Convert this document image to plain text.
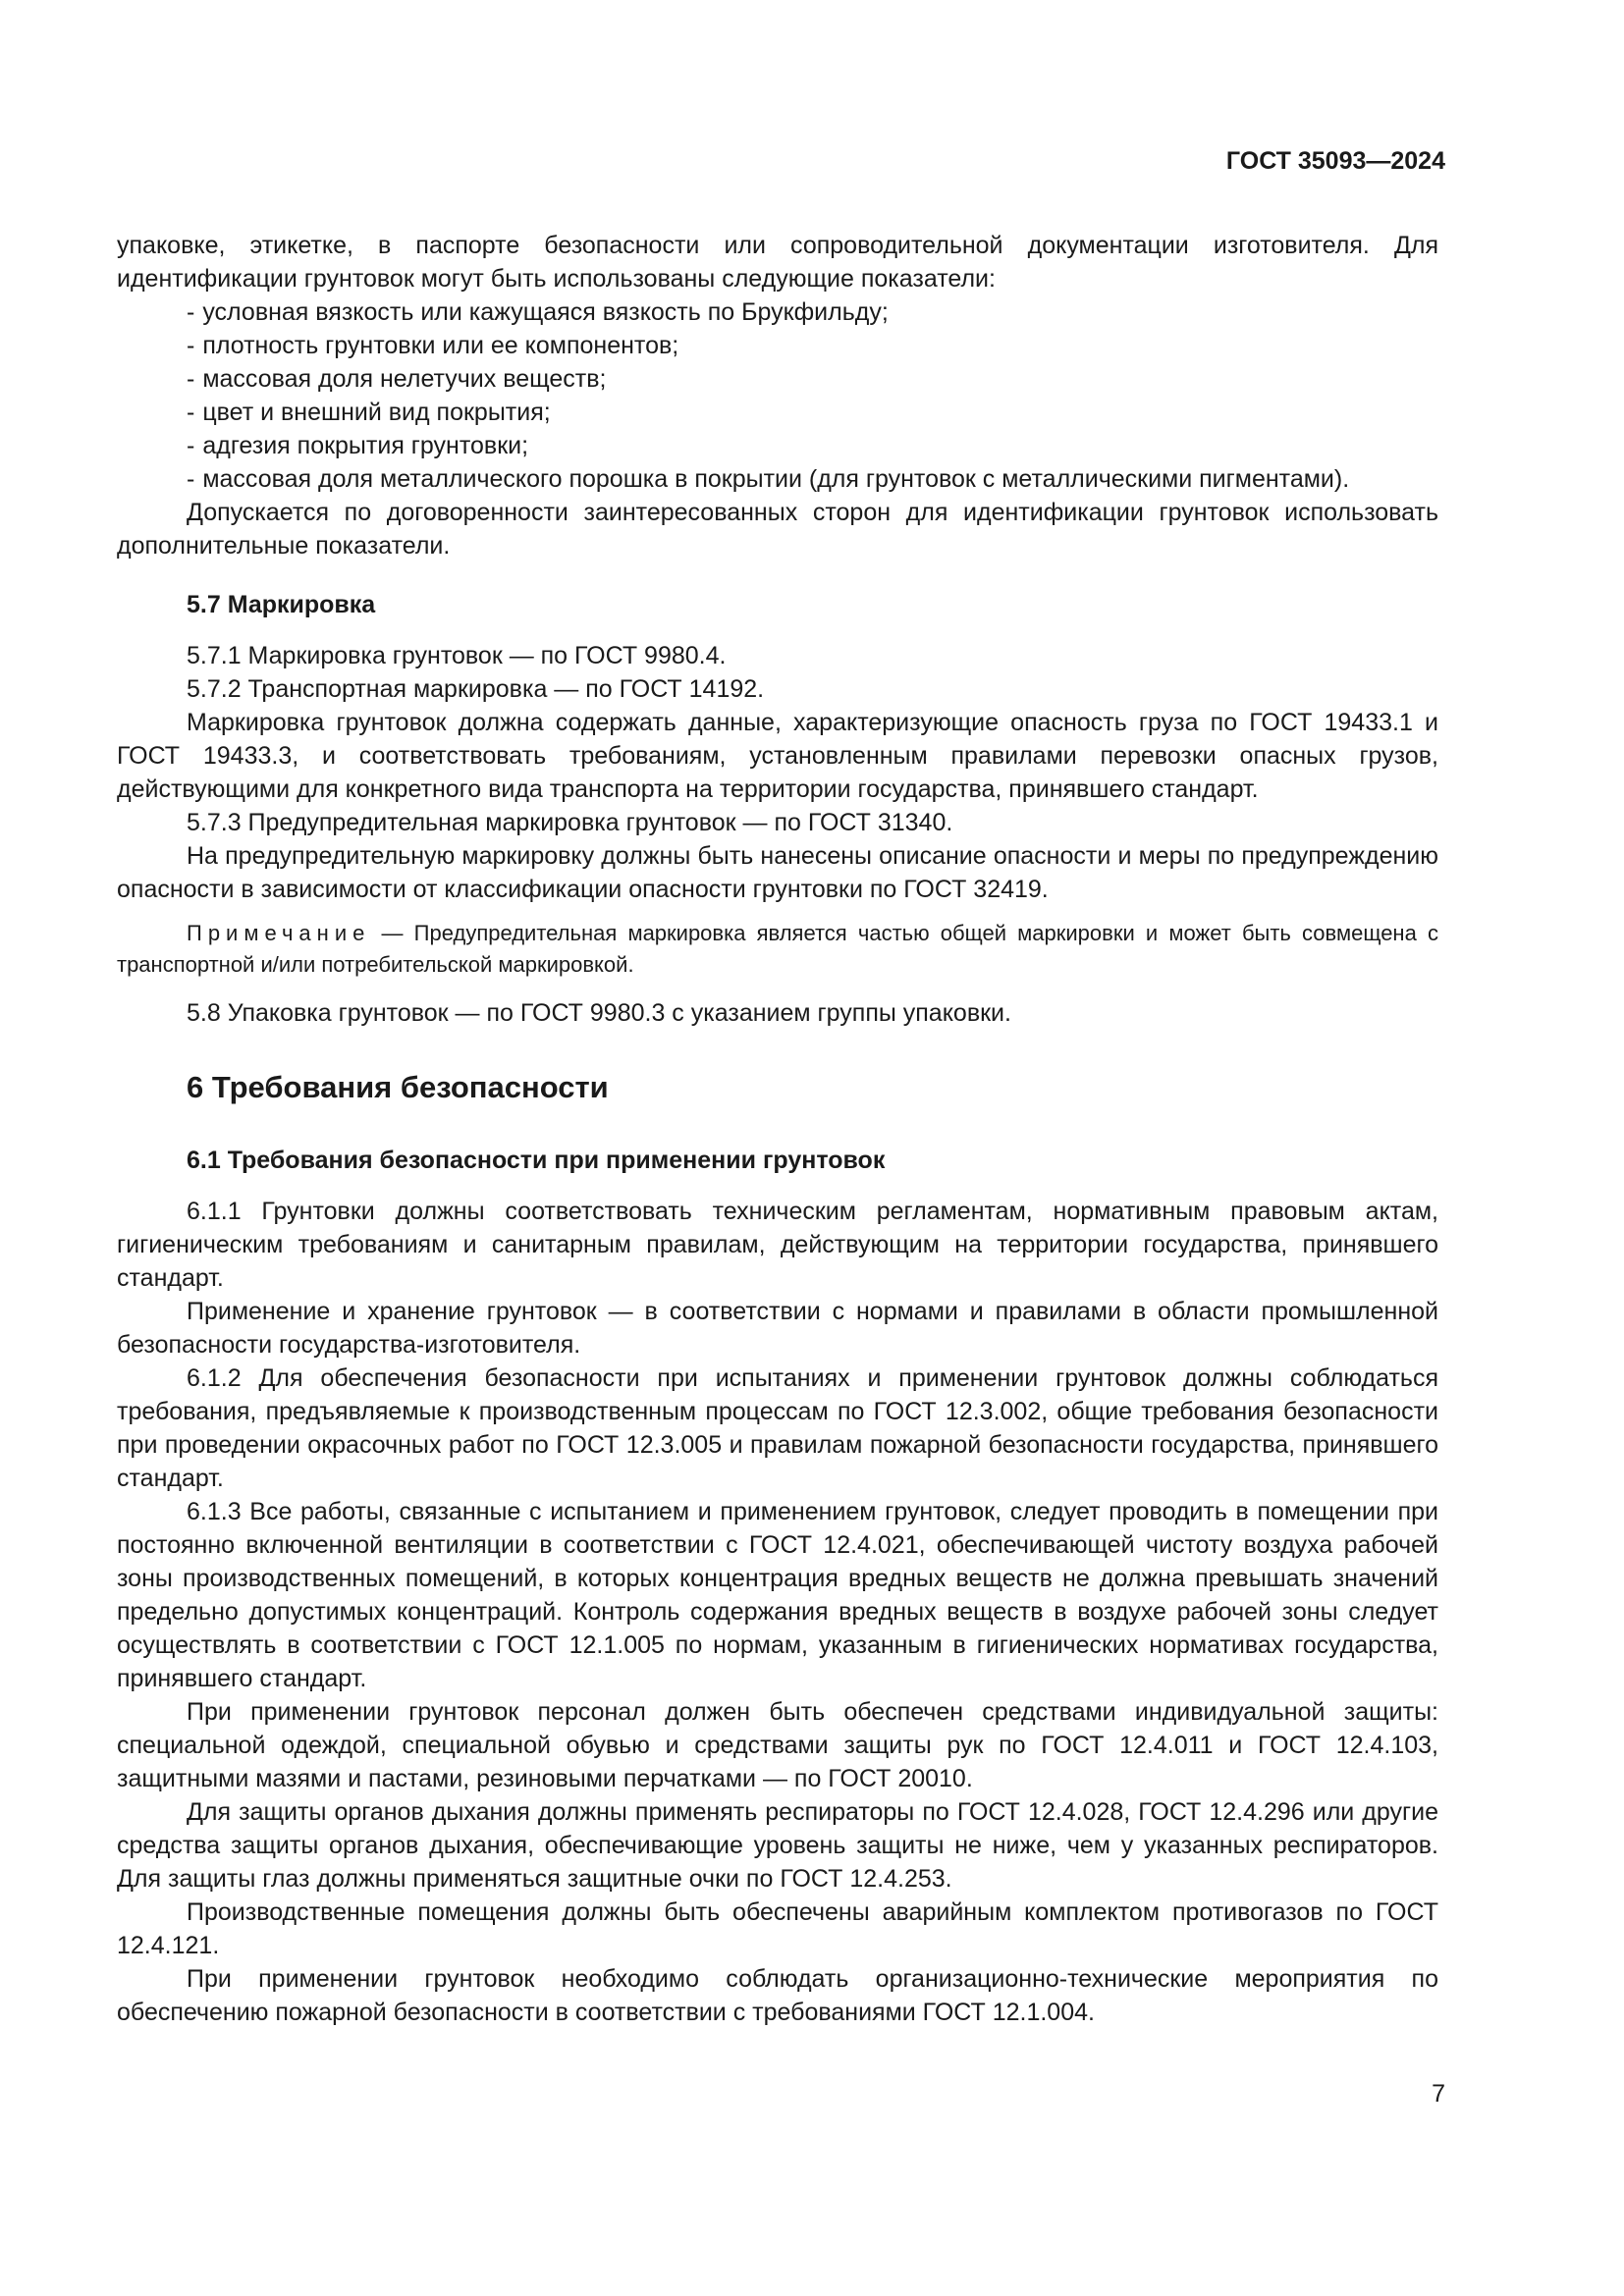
ГОСТ 35093—2024

упаковке, этикетке, в паспорте безопасности или сопроводительной документации изготовителя. Для идентификации грунтовок могут быть использованы следующие показатели:

- условная вязкость или кажущаяся вязкость по Брукфильду;

- плотность грунтовки или ее компонентов;

- массовая доля нелетучих веществ;

- цвет и внешний вид покрытия;

- адгезия покрытия грунтовки;

- массовая доля металлического порошка в покрытии (для грунтовок с металлическими пигментами).

Допускается по договоренности заинтересованных сторон для идентификации грунтовок использовать дополнительные показатели.

5.7 Маркировка

5.7.1 Маркировка грунтовок — по ГОСТ 9980.4.

5.7.2 Транспортная маркировка — по ГОСТ 14192.

Маркировка грунтовок должна содержать данные, характеризующие опасность груза по ГОСТ 19433.1 и ГОСТ 19433.3, и соответствовать требованиям, установленным правилами перевозки опасных грузов, действующими для конкретного вида транспорта на территории государства, принявшего стандарт.

5.7.3 Предупредительная маркировка грунтовок — по ГОСТ 31340.

На предупредительную маркировку должны быть нанесены описание опасности и меры по предупреждению опасности в зависимости от классификации опасности грунтовки по ГОСТ 32419.

Примечание — Предупредительная маркировка является частью общей маркировки и может быть совмещена с транспортной и/или потребительской маркировкой.

5.8 Упаковка грунтовок — по ГОСТ 9980.3 с указанием группы упаковки.

6 Требования безопасности

6.1 Требования безопасности при применении грунтовок

6.1.1 Грунтовки должны соответствовать техническим регламентам, нормативным правовым актам, гигиеническим требованиям и санитарным правилам, действующим на территории государства, принявшего стандарт.

Применение и хранение грунтовок — в соответствии с нормами и правилами в области промышленной безопасности государства-изготовителя.

6.1.2 Для обеспечения безопасности при испытаниях и применении грунтовок должны соблюдаться требования, предъявляемые к производственным процессам по ГОСТ 12.3.002, общие требования безопасности при проведении окрасочных работ по ГОСТ 12.3.005 и правилам пожарной безопасности государства, принявшего стандарт.

6.1.3 Все работы, связанные с испытанием и применением грунтовок, следует проводить в помещении при постоянно включенной вентиляции в соответствии с ГОСТ 12.4.021, обеспечивающей чистоту воздуха рабочей зоны производственных помещений, в которых концентрация вредных веществ не должна превышать значений предельно допустимых концентраций. Контроль содержания вредных веществ в воздухе рабочей зоны следует осуществлять в соответствии с ГОСТ 12.1.005 по нормам, указанным в гигиенических нормативах государства, принявшего стандарт.

При применении грунтовок персонал должен быть обеспечен средствами индивидуальной защиты: специальной одеждой, специальной обувью и средствами защиты рук по ГОСТ 12.4.011 и ГОСТ 12.4.103, защитными мазями и пастами, резиновыми перчатками — по ГОСТ 20010.

Для защиты органов дыхания должны применять респираторы по ГОСТ 12.4.028, ГОСТ 12.4.296 или другие средства защиты органов дыхания, обеспечивающие уровень защиты не ниже, чем у указанных респираторов. Для защиты глаз должны применяться защитные очки по ГОСТ 12.4.253.

Производственные помещения должны быть обеспечены аварийным комплектом противогазов по ГОСТ 12.4.121.

При применении грунтовок необходимо соблюдать организационно-технические мероприятия по обеспечению пожарной безопасности в соответствии с требованиями ГОСТ 12.1.004.

7
